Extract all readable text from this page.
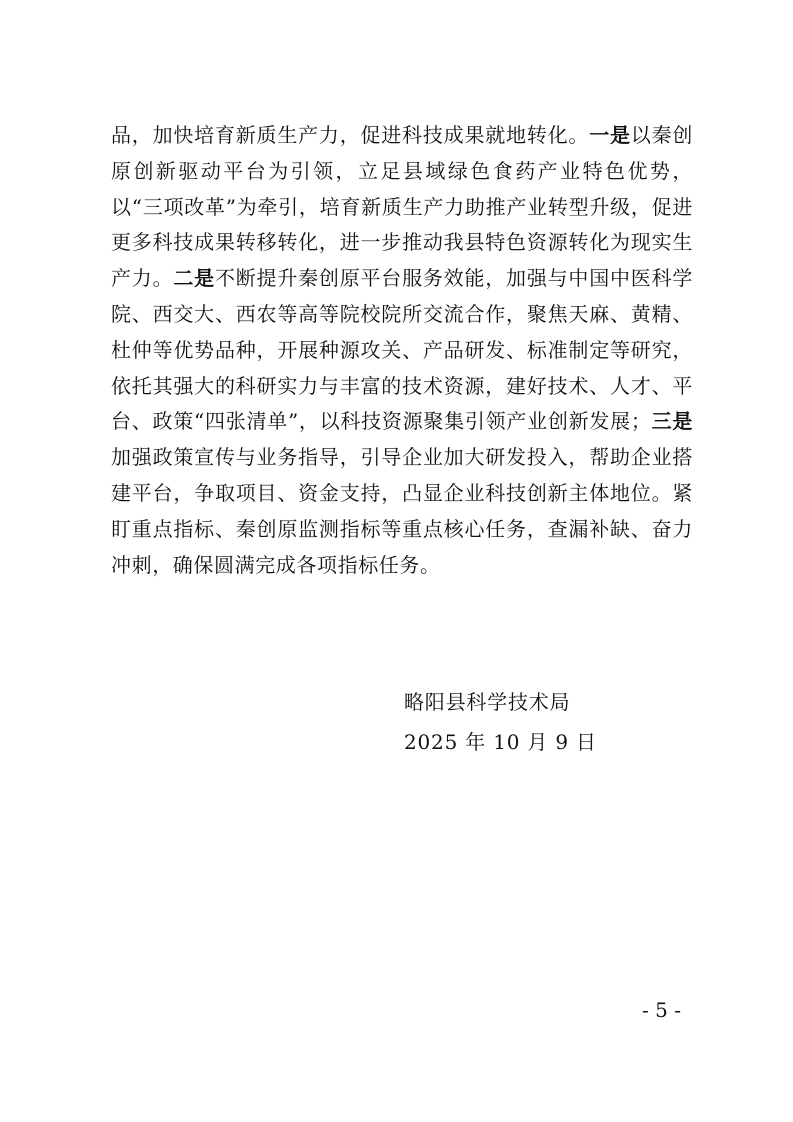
品，加快培育新质生产力，促进科技成果就地转化。一是以秦创原创新驱动平台为引领，立足县域绿色食药产业特色优势，以“三项改革”为牵引，培育新质生产力助推产业转型升级，促进更多科技成果转移转化，进一步推动我县特色资源转化为现实生产力。二是不断提升秦创原平台服务效能，加强与中国中医科学院、西交大、西农等高等院校院所交流合作，聚焦天麻、黄精、杜仲等优势品种，开展种源攻关、产品研发、标准制定等研究，依托其强大的科研实力与丰富的技术资源，建好技术、人才、平台、政策“四张清单”，以科技资源聚集引领产业创新发展；三是加强政策宣传与业务指导，引导企业加大研发投入，帮助企业搭建平台，争取项目、资金支持，凸显企业科技创新主体地位。紧盯重点指标、秦创原监测指标等重点核心任务，查漏补缺、奋力冲刺，确保圆满完成各项指标任务。

略阳县科学技术局
2025 年 10 月 9 日
- 5 -
